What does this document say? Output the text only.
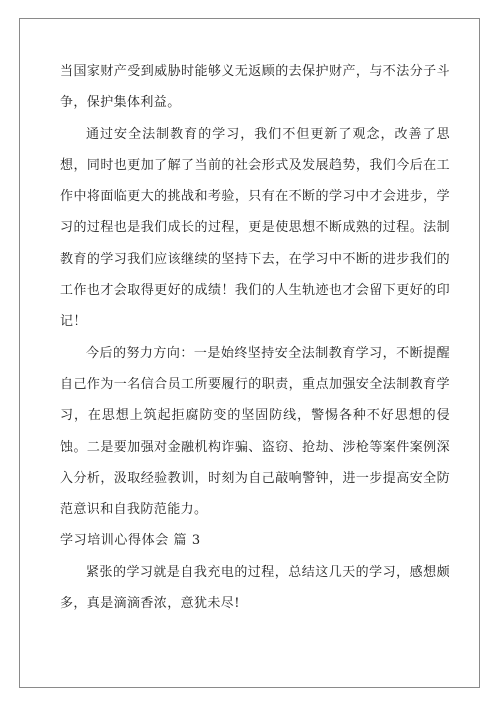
当国家财产受到威胁时能够义无返顾的去保护财产，与不法分子斗争，保护集体利益。

通过安全法制教育的学习，我们不但更新了观念，改善了思想，同时也更加了解了当前的社会形式及发展趋势，我们今后在工作中将面临更大的挑战和考验，只有在不断的学习中才会进步，学习的过程也是我们成长的过程，更是使思想不断成熟的过程。法制教育的学习我们应该继续的坚持下去，在学习中不断的进步我们的工作也才会取得更好的成绩！我们的人生轨迹也才会留下更好的印记！

今后的努力方向：一是始终坚持安全法制教育学习，不断提醒自己作为一名信合员工所要履行的职责，重点加强安全法制教育学习，在思想上筑起拒腐防变的坚固防线，警惕各种不好思想的侵蚀。二是要加强对金融机构诈骗、盗窃、抢劫、涉枪等案件案例深入分析，汲取经验教训，时刻为自己敲响警钟，进一步提高安全防范意识和自我防范能力。

学习培训心得体会 篇 3

紧张的学习就是自我充电的过程，总结这几天的学习，感想颇多，真是滴滴香浓，意犹未尽!
